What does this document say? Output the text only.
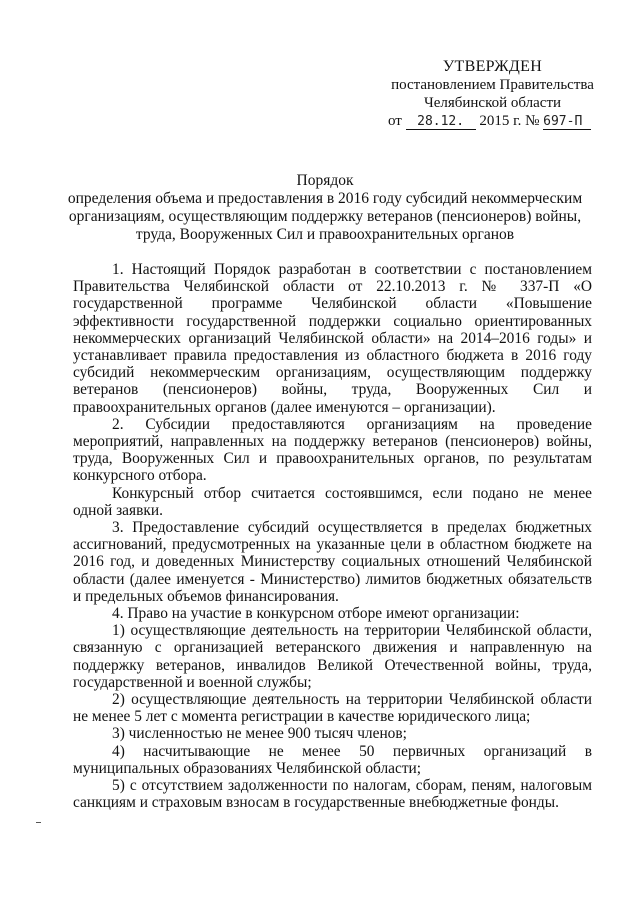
УТВЕРЖДЕН
постановлением Правительства
Челябинской области
от 28.12. 2015 г. № 697-П
Порядок
определения объема и предоставления в 2016 году субсидий некоммерческим организациям, осуществляющим поддержку ветеранов (пенсионеров) войны, труда, Вооруженных Сил и правоохранительных органов

1. Настоящий Порядок разработан в соответствии с постановлением Правительства Челябинской области от 22.10.2013 г. № 337-П «О государственной программе Челябинской области «Повышение эффективности государственной поддержки социально ориентированных некоммерческих организаций Челябинской области» на 2014–2016 годы» и устанавливает правила предоставления из областного бюджета в 2016 году субсидий некоммерческим организациям, осуществляющим поддержку ветеранов (пенсионеров) войны, труда, Вооруженных Сил и правоохранительных органов (далее именуются – организации).

2. Субсидии предоставляются организациям на проведение мероприятий, направленных на поддержку ветеранов (пенсионеров) войны, труда, Вооруженных Сил и правоохранительных органов, по результатам конкурсного отбора.

Конкурсный отбор считается состоявшимся, если подано не менее одной заявки.

3. Предоставление субсидий осуществляется в пределах бюджетных ассигнований, предусмотренных на указанные цели в областном бюджете на 2016 год, и доведенных Министерству социальных отношений Челябинской области (далее именуется - Министерство) лимитов бюджетных обязательств и предельных объемов финансирования.

4. Право на участие в конкурсном отборе имеют организации:

1) осуществляющие деятельность на территории Челябинской области, связанную с организацией ветеранского движения и направленную на поддержку ветеранов, инвалидов Великой Отечественной войны, труда, государственной и военной службы;

2) осуществляющие деятельность на территории Челябинской области не менее 5 лет с момента регистрации в качестве юридического лица;

3) численностью не менее 900 тысяч членов;

4) насчитывающие не менее 50 первичных организаций в муниципальных образованиях Челябинской области;

5) с отсутствием задолженности по налогам, сборам, пеням, налоговым санкциям и страховым взносам в государственные внебюджетные фонды.
